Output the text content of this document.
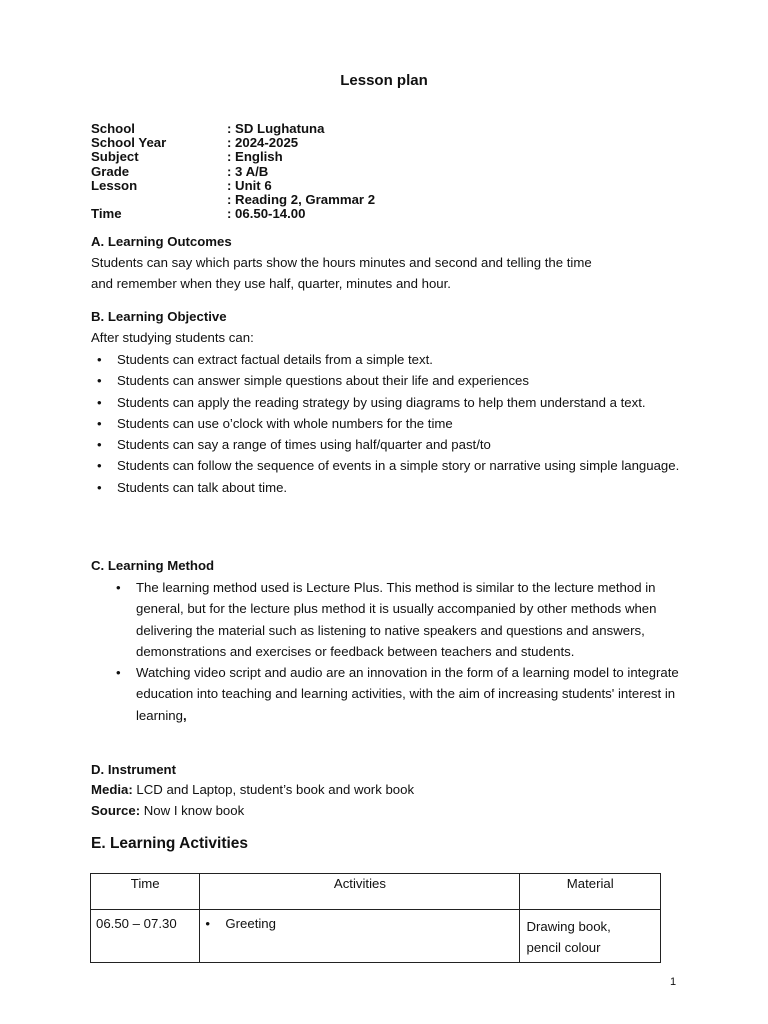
Lesson plan
School	: SD Lughatuna
School Year	: 2024-2025
Subject	: English
Grade	: 3 A/B
Lesson	: Unit 6
: Reading 2, Grammar 2
Time	: 06.50-14.00
A. Learning Outcomes
Students can say which parts show the hours minutes and second and telling the time
and remember when they use half, quarter, minutes and hour.
B. Learning Objective
After studying students can:
• Students can extract factual details from a simple text.
• Students can answer simple questions about their life and experiences
• Students can apply the reading strategy by using diagrams to help them understand a text.
• Students can use o’clock with whole numbers for the time
• Students can say a range of times using half/quarter and past/to
• Students can follow the sequence of events in a simple story or narrative using simple language.
• Students can talk about time.
C. Learning Method
• The learning method used is Lecture Plus. This method is similar to the lecture method in general, but for the lecture plus method it is usually accompanied by other methods when delivering the material such as listening to native speakers and questions and answers, demonstrations and exercises or feedback between teachers and students.
• Watching video script and audio are an innovation in the form of a learning model to integrate education into teaching and learning activities, with the aim of increasing students' interest in learning,
D. Instrument
Media: LCD and Laptop, student’s book and work book
Source: Now I know book
E. Learning Activities
Time	Activities	Material
06.50 – 07.30	• Greeting	Drawing book,
pencil colour
1
